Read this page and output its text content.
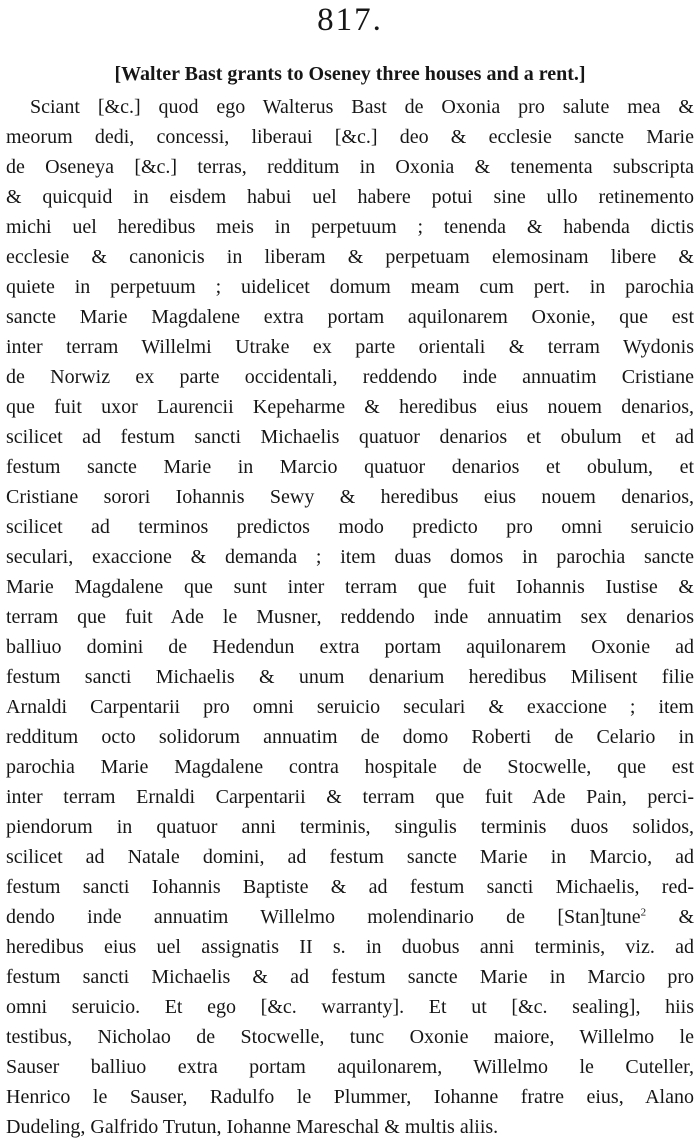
817.
[Walter Bast grants to Oseney three houses and a rent.]
Sciant [&c.] quod ego Walterus Bast de Oxonia pro salute mea &
meorum dedi, concessi, liberaui [&c.] deo & ecclesie sancte Marie
de Oseneya [&c.] terras, redditum in Oxonia & tenementa subscripta
& quicquid in eisdem habui uel habere potui sine ullo retinemento
michi uel heredibus meis in perpetuum ; tenenda & habenda dictis
ecclesie & canonicis in liberam & perpetuam elemosinam libere &
quiete in perpetuum ; uidelicet domum meam cum pert. in parochia
sancte Marie Magdalene extra portam aquilonarem Oxonie, que est
inter terram Willelmi Utrake ex parte orientali & terram Wydonis
de Norwiz ex parte occidentali, reddendo inde annuatim Cristiane
que fuit uxor Laurencii Kepeharme & heredibus eius nouem denarios,
scilicet ad festum sancti Michaelis quatuor denarios et obulum et ad
festum sancte Marie in Marcio quatuor denarios et obulum, et
Cristiane sorori Iohannis Sewy & heredibus eius nouem denarios,
scilicet ad terminos predictos modo predicto pro omni seruicio
seculari, exaccione & demanda ; item duas domos in parochia sancte
Marie Magdalene que sunt inter terram que fuit Iohannis Iustise &
terram que fuit Ade le Musner, reddendo inde annuatim sex denarios
balliuo domini de Hedendun extra portam aquilonarem Oxonie ad
festum sancti Michaelis & unum denarium heredibus Milisent filie
Arnaldi Carpentarii pro omni seruicio seculari & exaccione ; item
redditum octo solidorum annuatim de domo Roberti de Celario in
parochia Marie Magdalene contra hospitale de Stocwelle, que est
inter terram Ernaldi Carpentarii & terram que fuit Ade Pain, perci-
piendorum in quatuor anni terminis, singulis terminis duos solidos,
scilicet ad Natale domini, ad festum sancte Marie in Marcio, ad
festum sancti Iohannis Baptiste & ad festum sancti Michaelis, red-
dendo inde annuatim Willelmo molendinario de [Stan]tune$^2$ &
heredibus eius uel assignatis II s. in duobus anni terminis, viz. ad
festum sancti Michaelis & ad festum sancte Marie in Marcio pro
omni seruicio. Et ego [&c. warranty]. Et ut [&c. sealing], hiis
testibus, Nicholao de Stocwelle, tunc Oxonie maiore, Willelmo le
Sauser balliuo extra portam aquilonarem, Willelmo le Cuteller,
Henrico le Sauser, Radulfo le Plummer, Iohanne fratre eius, Alano
Dudeling, Galfrido Trutun, Iohanne Mareschal & multis aliis.
